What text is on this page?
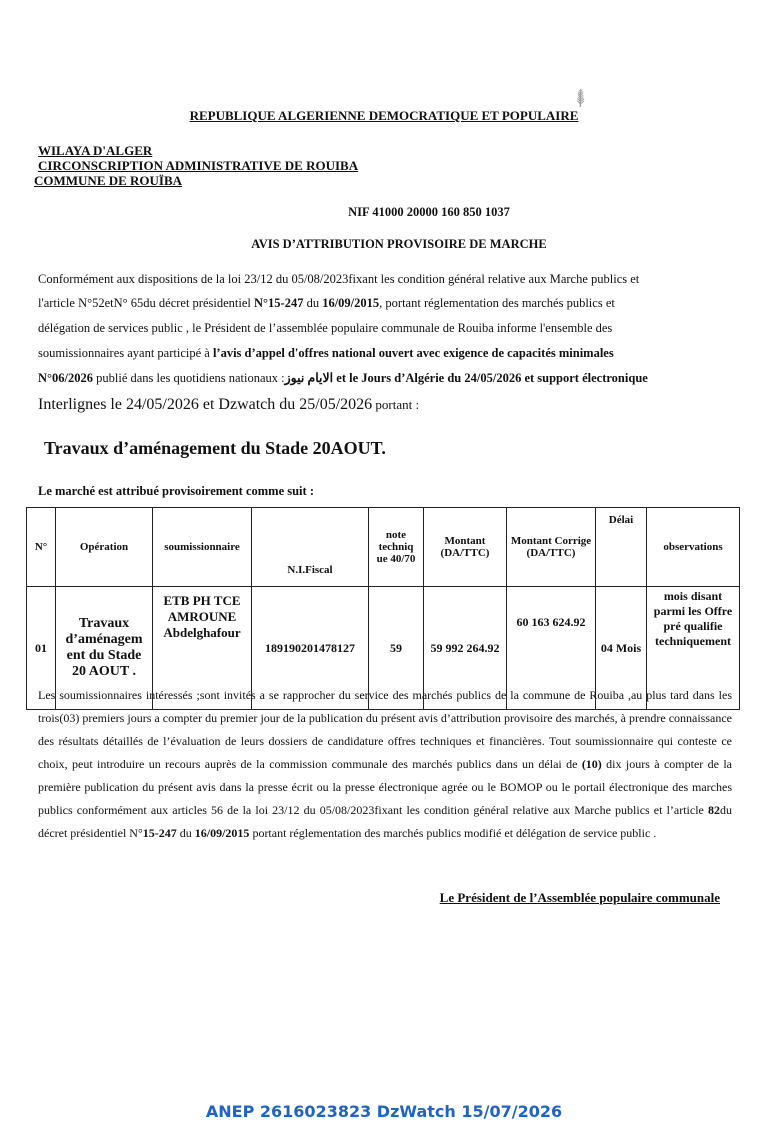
⸙
REPUBLIQUE ALGERIENNE DEMOCRATIQUE ET POPULAIRE
WILAYA D'ALGER
CIRCONSCRIPTION ADMINISTRATIVE DE ROUIBA
COMMUNE DE ROUÏBA
NIF 41000 20000 160 850 1037
AVIS D’ATTRIBUTION PROVISOIRE DE MARCHE
Conformément aux dispositions de la loi 23/12 du 05/08/2023fixant les condition général relative aux Marche publics et
l'article N°52etN° 65du décret présidentiel N°15-247 du 16/09/2015, portant réglementation des marchés publics et
délégation de services public , le Président de l’assemblée populaire communale de Rouiba informe l'ensemble des
soumissionnaires ayant participé à l’avis d’appel d'offres national ouvert avec exigence de capacités minimales
N°06/2026 publié dans les quotidiens nationaux :الايام نيوز et le Jours d’Algérie du 24/05/2026 et support électronique
Interlignes le 24/05/2026 et Dzwatch du 25/05/2026 portant :
Travaux d’aménagement du Stade 20AOUT.
Le marché est attribué provisoirement comme suit :
N°	Opération	soumissionnaire	N.I.Fiscal	note techniq ue 40/70	Montant (DA/TTC)	Montant Corrige (DA/TTC)	Délai	observations
01	Travaux d’aménagem ent du Stade 20 AOUT .	ETB PH TCE AMROUNE Abdelghafour	189190201478127	59	59 992 264.92	60 163 624.92	04 Mois	mois disant parmi les Offre pré qualifie techniquement
Les soumissionnaires intéressés ;sont invités a se rapprocher du service des marchés publics de la commune de Rouiba ,au plus tard dans les trois(03) premiers jours a compter du premier jour de la publication du présent avis d’attribution provisoire des marchés, à prendre connaissance des résultats détaillés de l’évaluation de leurs dossiers de candidature offres techniques et financières. Tout soumissionnaire qui conteste ce choix, peut introduire un recours auprès de la commission communale des marchés publics dans un délai de (10) dix jours à compter de la première publication du présent avis dans la presse écrit ou la presse électronique agrée ou le BOMOP ou le portail électronique des marches publics conformément aux articles 56 de la loi 23/12 du 05/08/2023fixant les condition général relative aux Marche publics et l’article 82du décret présidentiel N°15-247 du 16/09/2015 portant réglementation des marchés publics modifié et délégation de service public .
Le Président de l’Assemblée populaire communale
ANEP 2616023823 DzWatch 15/07/2026
